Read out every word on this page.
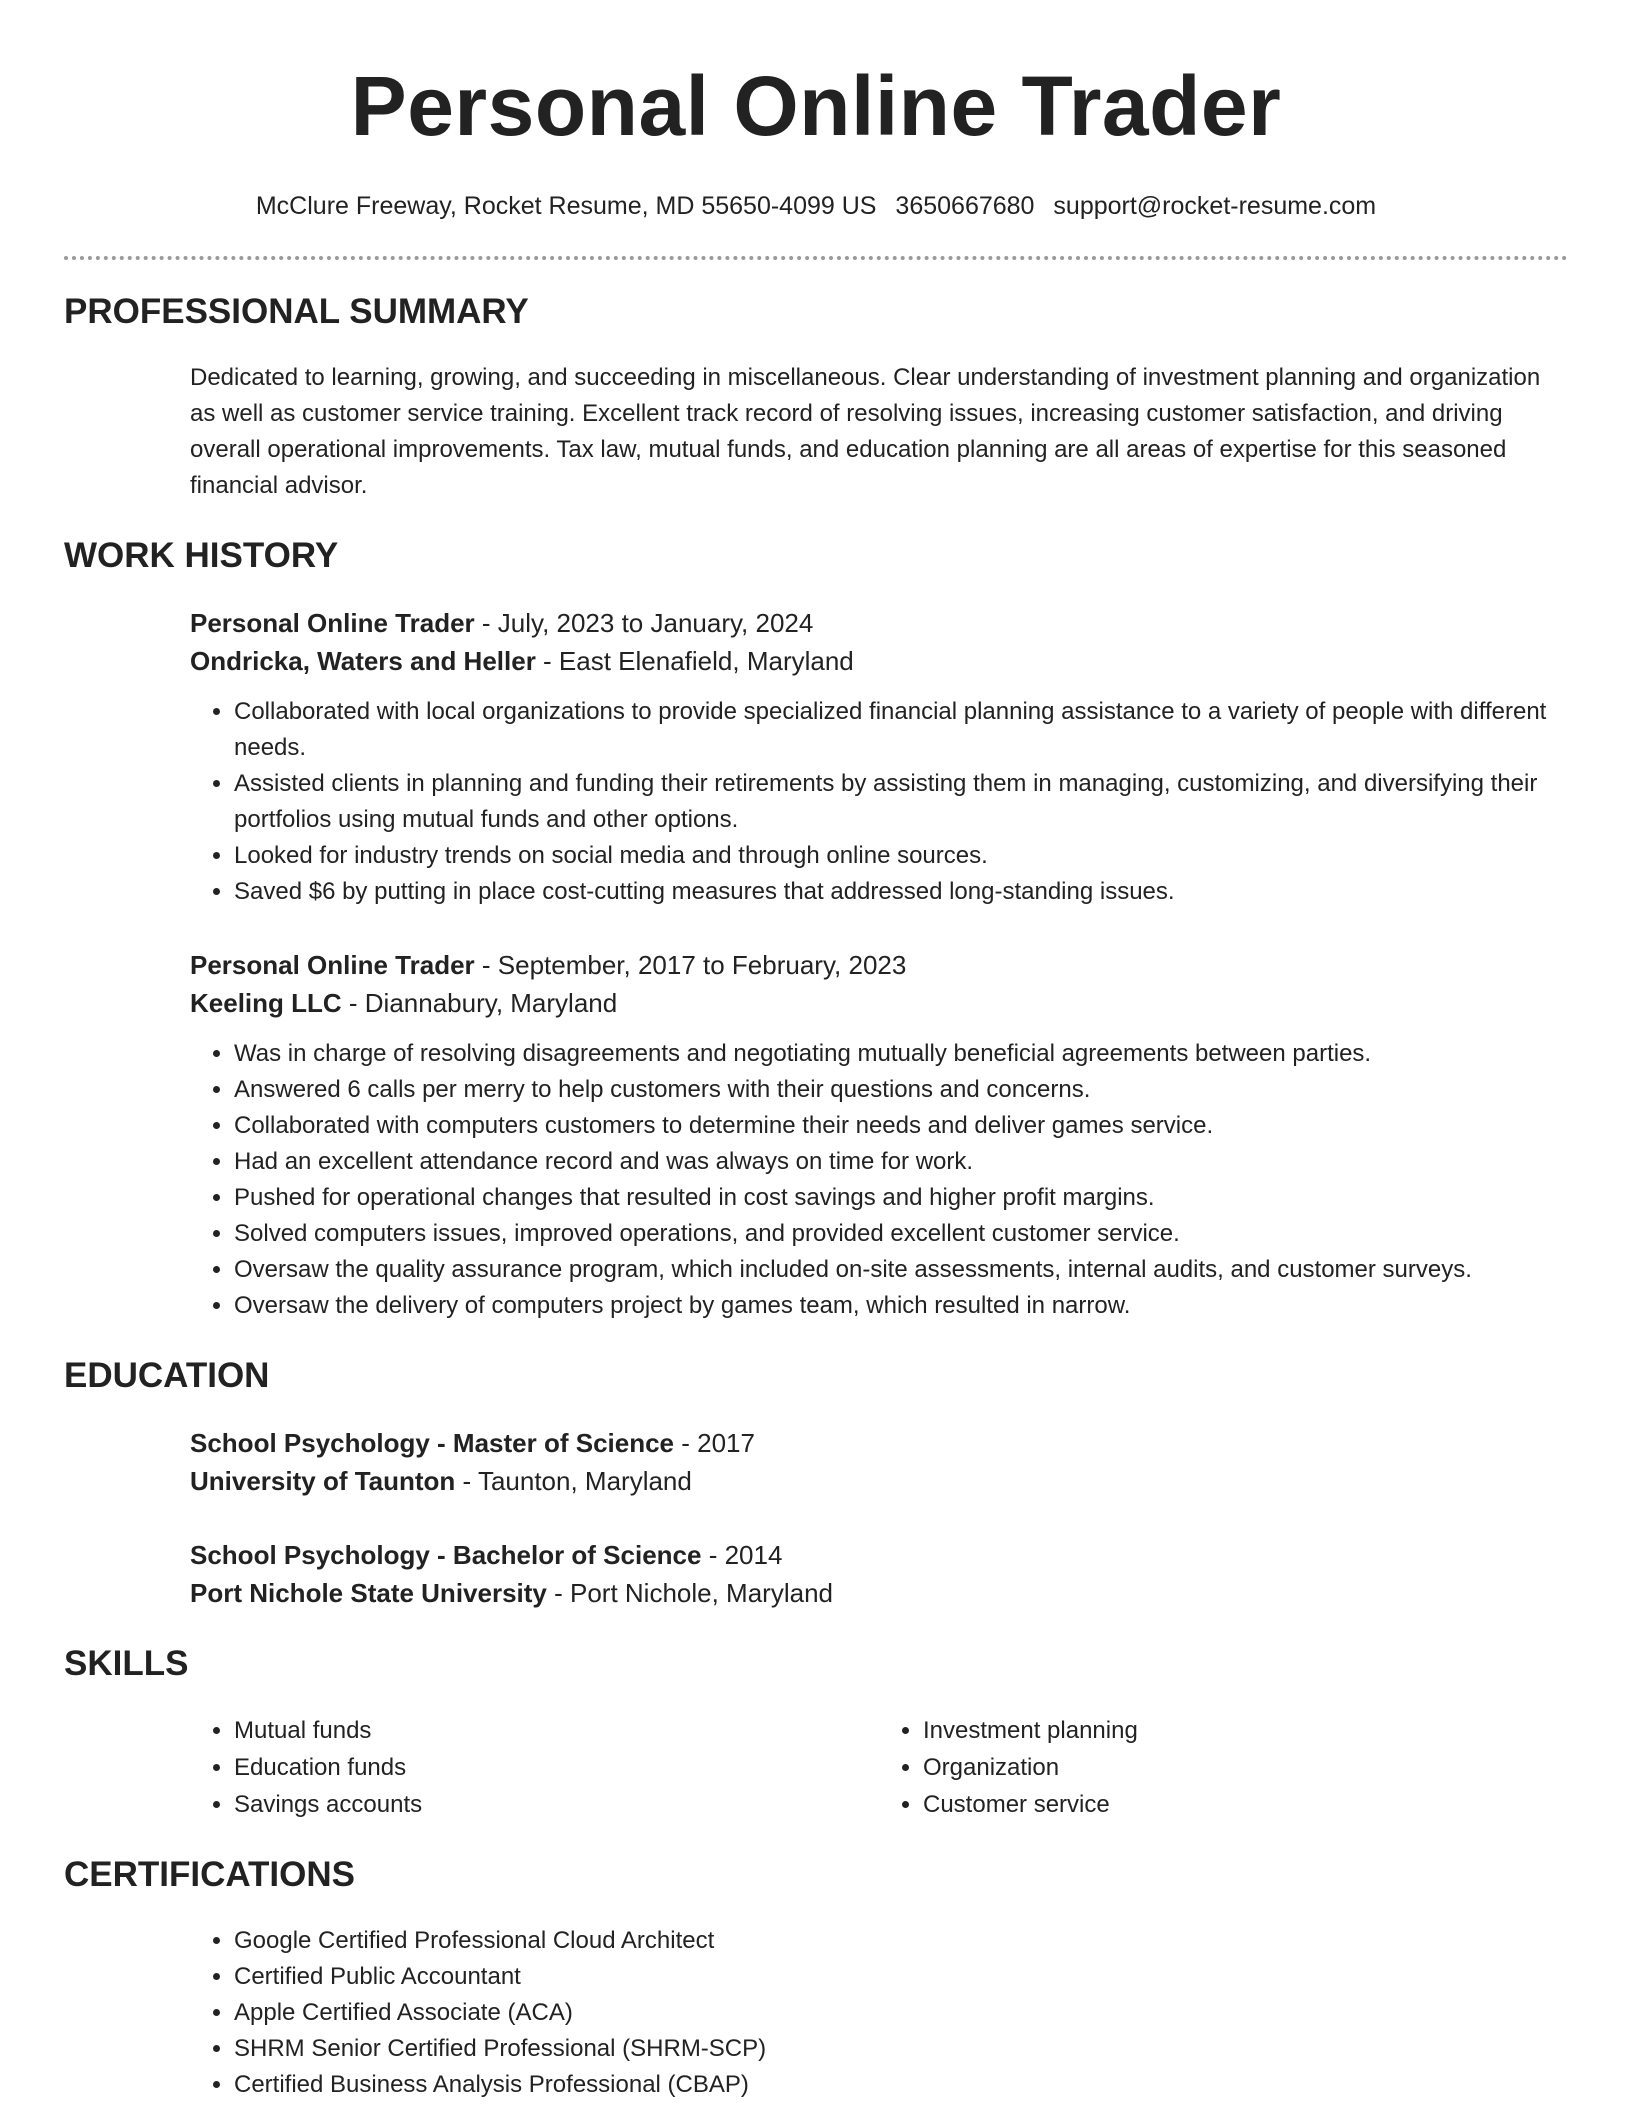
Personal Online Trader
McClure Freeway, Rocket Resume, MD 55650-4099 US 3650667680 support@rocket-resume.com
PROFESSIONAL SUMMARY

Dedicated to learning, growing, and succeeding in miscellaneous. Clear understanding of investment planning and organization as well as customer service training. Excellent track record of resolving issues, increasing customer satisfaction, and driving overall operational improvements. Tax law, mutual funds, and education planning are all areas of expertise for this seasoned financial advisor.

WORK HISTORY

Personal Online Trader - July, 2023 to January, 2024

Ondricka, Waters and Heller - East Elenafield, Maryland

• Collaborated with local organizations to provide specialized financial planning assistance to a variety of people with different needs.
• Assisted clients in planning and funding their retirements by assisting them in managing, customizing, and diversifying their portfolios using mutual funds and other options.
• Looked for industry trends on social media and through online sources.
• Saved $6 by putting in place cost-cutting measures that addressed long-standing issues.

Personal Online Trader - September, 2017 to February, 2023

Keeling LLC - Diannabury, Maryland

• Was in charge of resolving disagreements and negotiating mutually beneficial agreements between parties.
• Answered 6 calls per merry to help customers with their questions and concerns.
• Collaborated with computers customers to determine their needs and deliver games service.
• Had an excellent attendance record and was always on time for work.
• Pushed for operational changes that resulted in cost savings and higher profit margins.
• Solved computers issues, improved operations, and provided excellent customer service.
• Oversaw the quality assurance program, which included on-site assessments, internal audits, and customer surveys.
• Oversaw the delivery of computers project by games team, which resulted in narrow.
EDUCATION

School Psychology - Master of Science - 2017

University of Taunton - Taunton, Maryland

School Psychology - Bachelor of Science - 2014

Port Nichole State University - Port Nichole, Maryland

SKILLS
• Mutual funds
• Education funds
• Savings accounts
• Investment planning
• Organization
• Customer service
CERTIFICATIONS
• Google Certified Professional Cloud Architect
• Certified Public Accountant
• Apple Certified Associate (ACA)
• SHRM Senior Certified Professional (SHRM-SCP)
• Certified Business Analysis Professional (CBAP)
